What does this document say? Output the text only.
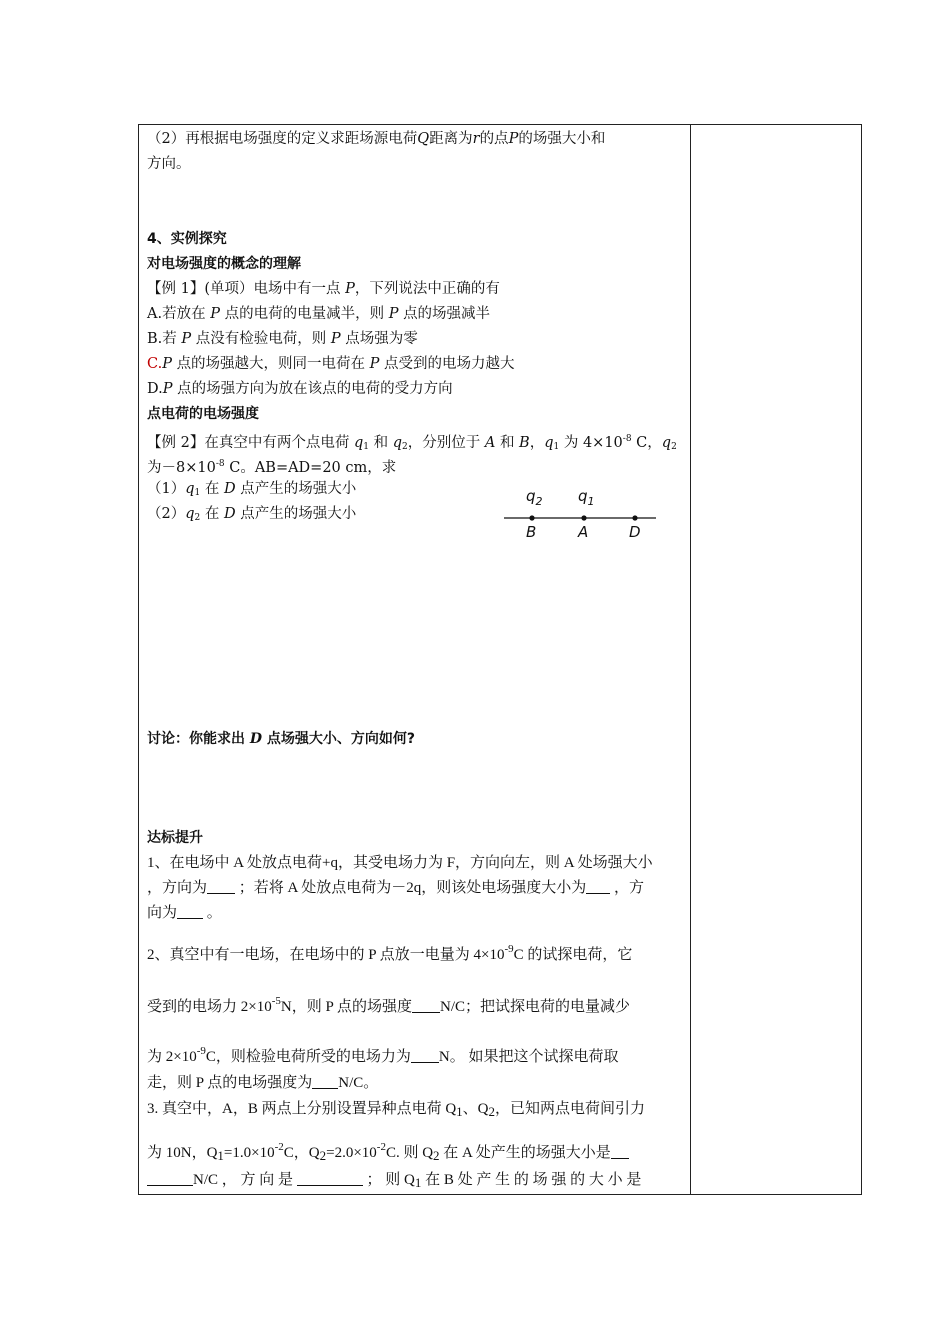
（2）再根据电场强度的定义求距场源电荷Q距离为r的点P的场强大小和
方向。
4、实例探究
对电场强度的概念的理解
【例 1】(单项）电场中有一点 P，下列说法中正确的有
A.若放在 P 点的电荷的电量减半，则 P 点的场强减半
B.若 P 点没有检验电荷，则 P 点场强为零
C.P 点的场强越大，则同一电荷在 P 点受到的电场力越大
D.P 点的场强方向为放在该点的电荷的受力方向
点电荷的电场强度
【例 2】在真空中有两个点电荷 $q_1$ 和 $q_2$，分别位于 A 和 B，$q_1$ 为 $4\times 10^{-8}$ C，$q_2$
为$-8\times 10^{-8}$ C。AB=AD=20 cm，求
$(1)q_1$ 在 D 点产生的场强大小
$(2)q_2$ 在 D 点产生的场强大小
$q_2$ $q_1$
B	A	D
讨论：你能求出 D 点场强大小、方向如何?
达标提升
1、在电场中 A 处放点电荷+q，其受电场力为 F，方向向左，则 A 处场强大小
，方向为 ；若将 A 处放点电荷为－2q，则该处电场强度大小为 ，方
向为 。
2、真空中有一电场，在电场中的 P 点放一电量为 $4\times 10^{-9}C$ 的试探电荷，它
受到的电场力 $2\times 10^{-5}N$，则 P 点的场强度 N/C；把试探电荷的电量减少
为 $2\times 10^{-9}C$，则检验电荷所受的电场力为 N。 如果把这个试探电荷取
走，则 P 点的电场强度为 N/C。
3. 真空中，A，B 两点上分别设置异种点电荷 Q1、Q2，已知两点电荷间引力
为 10N，$Q1=1.0\times 10^{-2}C$，$Q2=2.0\times 10^{-2}C$. 则 Q2 在 A 处产生的场强大小是
N/C ， 方 向 是	； 则 Q1 在 B 处 产 生 的 场 强 的 大 小 是
